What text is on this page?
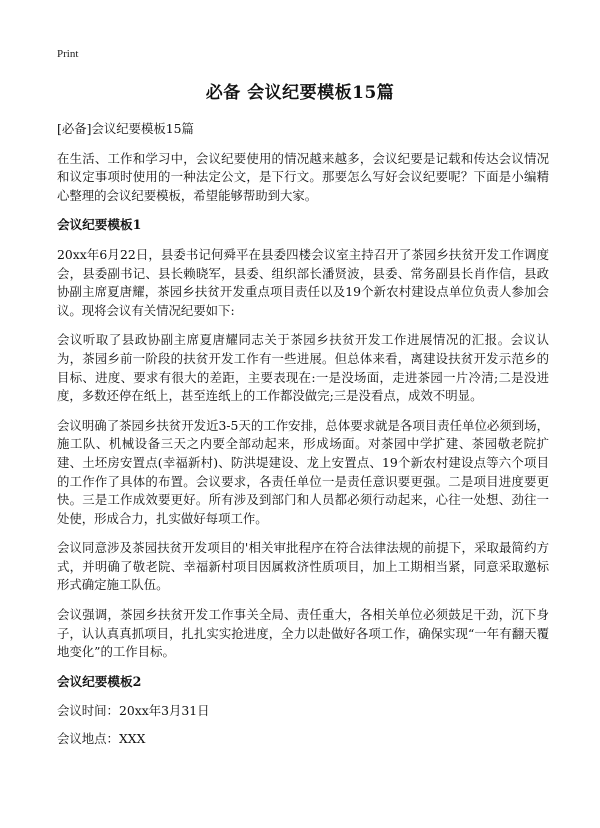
Print
必备 会议纪要模板15篇

[必备]会议纪要模板15篇

在生活、工作和学习中，会议纪要使用的情况越来越多，会议纪要是记载和传达会议情况和议定事项时使用的一种法定公文，是下行文。那要怎么写好会议纪要呢？下面是小编精心整理的会议纪要模板，希望能够帮助到大家。

会议纪要模板1

20xx年6月22日，县委书记何舜平在县委四楼会议室主持召开了茶园乡扶贫开发工作调度会，县委副书记、县长赖晓军，县委、组织部长潘贤波，县委、常务副县长肖作信，县政协副主席夏唐耀，茶园乡扶贫开发重点项目责任以及19个新农村建设点单位负责人参加会议。现将会议有关情况纪要如下:

会议听取了县政协副主席夏唐耀同志关于茶园乡扶贫开发工作进展情况的汇报。会议认为，茶园乡前一阶段的扶贫开发工作有一些进展。但总体来看，离建设扶贫开发示范乡的目标、进度、要求有很大的差距，主要表现在:一是没场面，走进茶园一片冷清;二是没进度，多数还停在纸上，甚至连纸上的工作都没做完;三是没看点，成效不明显。

会议明确了茶园乡扶贫开发近3-5天的工作安排，总体要求就是各项目责任单位必须到场，施工队、机械设备三天之内要全部动起来，形成场面。对茶园中学扩建、茶园敬老院扩建、土坯房安置点(幸福新村)、防洪堤建设、龙上安置点、19个新农村建设点等六个项目的工作作了具体的布置。会议要求，各责任单位一是责任意识要更强。二是项目进度要更快。三是工作成效要更好。所有涉及到部门和人员都必须行动起来，心往一处想、劲往一处使，形成合力，扎实做好每项工作。

会议同意涉及茶园扶贫开发项目的'相关审批程序在符合法律法规的前提下，采取最简约方式，并明确了敬老院、幸福新村项目因属救济性质项目，加上工期相当紧，同意采取邀标形式确定施工队伍。

会议强调，茶园乡扶贫开发工作事关全局、责任重大，各相关单位必须鼓足干劲，沉下身子，认认真真抓项目，扎扎实实抢进度，全力以赴做好各项工作，确保实现“一年有翻天覆地变化”的工作目标。

会议纪要模板2

会议时间：20xx年3月31日

会议地点：XXX
